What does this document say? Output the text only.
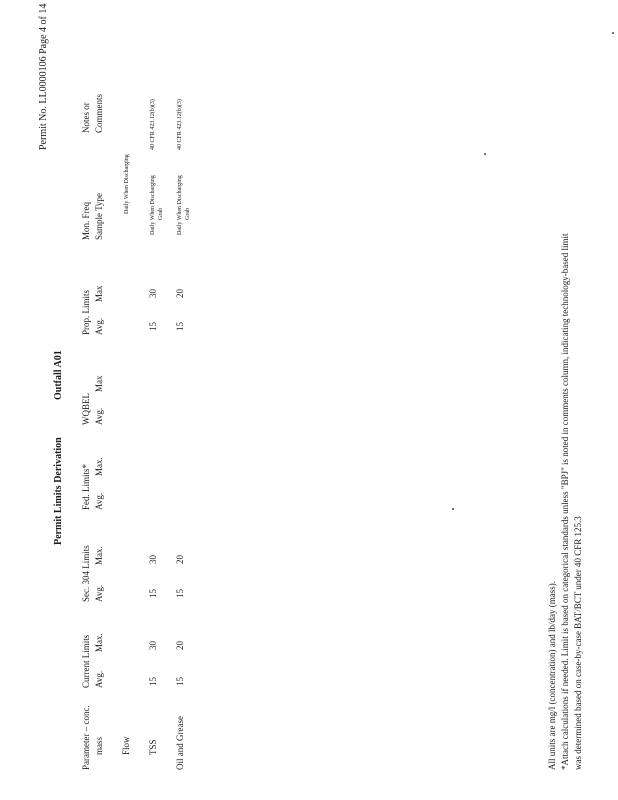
Permit No. LL0000106 Page 4 of 14
Permit Limits Derivation
Outfall A01
Parameter – conc. mass
Current Limits Avg.
Max.
Sec. 304 Limits Avg.
Max.
Fed. Limits* Avg.
Max.
WQBEL Avg.
Max
Prop. Limits Avg.
Max
Mon. Freq Sample Type
Notes or Comments
Flow
Daily When Discharging
TSS
15
30
15
30
15
30
Daily When Discharging Grab
40 CFR 423.12(b)(3)
Oil and Grease
15
20
15
20
15
20
Daily When Discharging Grab
40 CFR 423.12(b)(3)
All units are mg/l (concentration) and lb/day (mass). *Attach calculations if needed. Limit is based on categorical standards unless "BPJ" is noted in comments column, indicating technology-based limit was determined based on case-by-case BAT/BCT under 40 CFR 125.3
